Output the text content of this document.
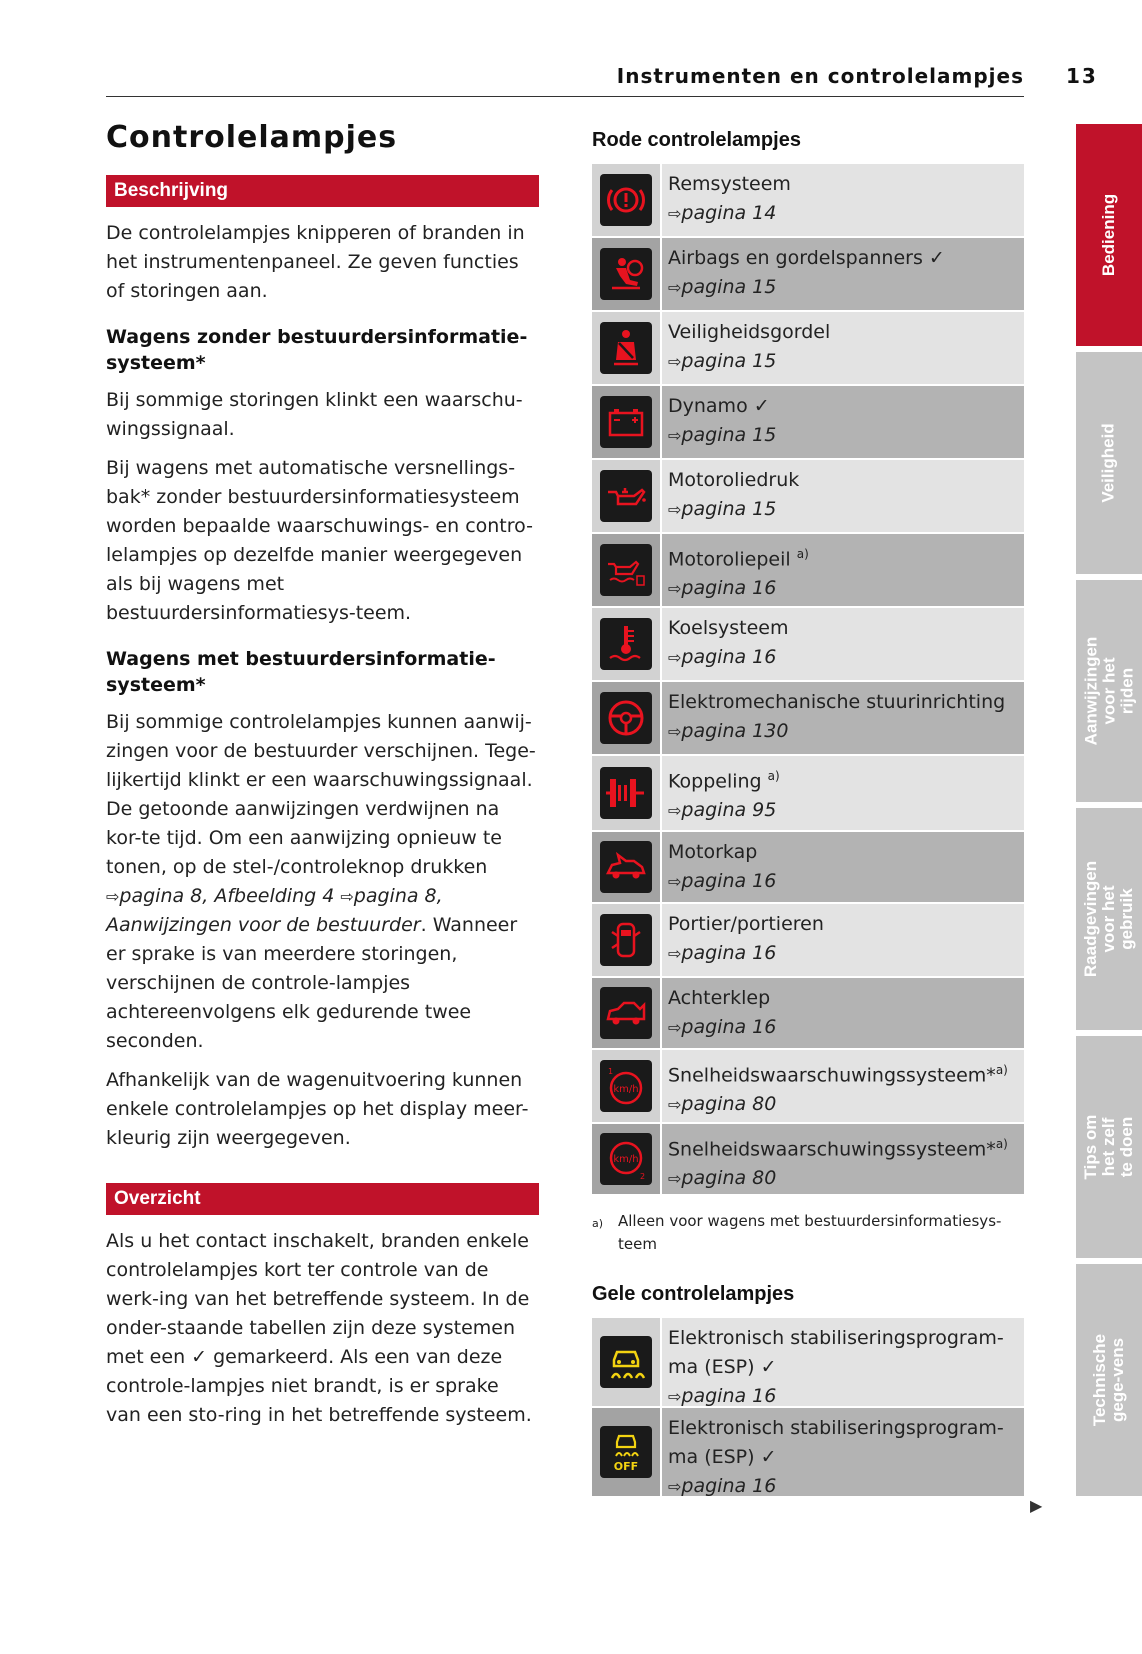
Instrumenten en controlelampjes 13
Controlelampjes
Beschrijving

De controlelampjes knipperen of branden in het instrumentenpaneel. Ze geven functies of storingen aan.

Wagens zonder bestuurdersinformatie-systeem*

Bij sommige storingen klinkt een waarschu-wingssignaal.

Bij wagens met automatische versnellings-bak* zonder bestuurdersinformatiesysteem worden bepaalde waarschuwings- en contro-lelampjes op dezelfde manier weergegeven als bij wagens met bestuurdersinformatiesys-teem.

Wagens met bestuurdersinformatie-systeem*

Bij sommige controlelampjes kunnen aanwij-zingen voor de bestuurder verschijnen. Tege-lijkertijd klinkt er een waarschuwingssignaal. De getoonde aanwijzingen verdwijnen na kor-te tijd. Om een aanwijzing opnieuw te tonen, op de stel-/controleknop drukken ⇨pagina 8, Afbeelding 4 ⇨pagina 8, Aanwijzingen voor de bestuurder. Wanneer er sprake is van meerdere storingen, verschijnen de controle-lampjes achtereenvolgens elk gedurende twee seconden.

Afhankelijk van de wagenuitvoering kunnen enkele controlelampjes op het display meer-kleurig zijn weergegeven.

Overzicht

Als u het contact inschakelt, branden enkele controlelampjes kort ter controle van de werk-ing van het betreffende systeem. In de onder-staande tabellen zijn deze systemen met een ✓ gemarkeerd. Als een van deze controle-lampjes niet brandt, is er sprake van een sto-ring in het betreffende systeem.

Rode controlelampjes
Remsysteem
⇨pagina 14
Airbags en gordelspanners ✓
⇨pagina 15
Veiligheidsgordel
⇨pagina 15
Dynamo ✓
⇨pagina 15
Motoroliedruk
⇨pagina 15
Motoroliepeil $^{a)}$
⇨pagina 16
Koelsysteem
⇨pagina 16
Elektromechanische stuurinrichting
⇨pagina 130
Koppeling $^{a)}$
⇨pagina 95
Motorkap
⇨pagina 16
Portier/portieren
⇨pagina 16
Achterklep
⇨pagina 16
km/h
1	Snelheidswaarschuwingssysteem*$^{a)}$
⇨pagina 80
km/h
2
Snelheidswaarschuwingssysteem*$^{a)}$
⇨pagina 80
a) Alleen voor wagens met bestuurdersinformatiesys-teem
Gele controlelampjes
Elektronisch stabiliseringsprogram-ma (ESP) ✓
⇨pagina 16
OFF
Elektronisch stabiliseringsprogram-ma (ESP) ✓
⇨pagina 16
▶
Bediening
Veiligheid
Aanwijzingen voor het rijden
Raadgevingen voor het gebruik
Tips om het zelf te doen
Technische gege-vens
